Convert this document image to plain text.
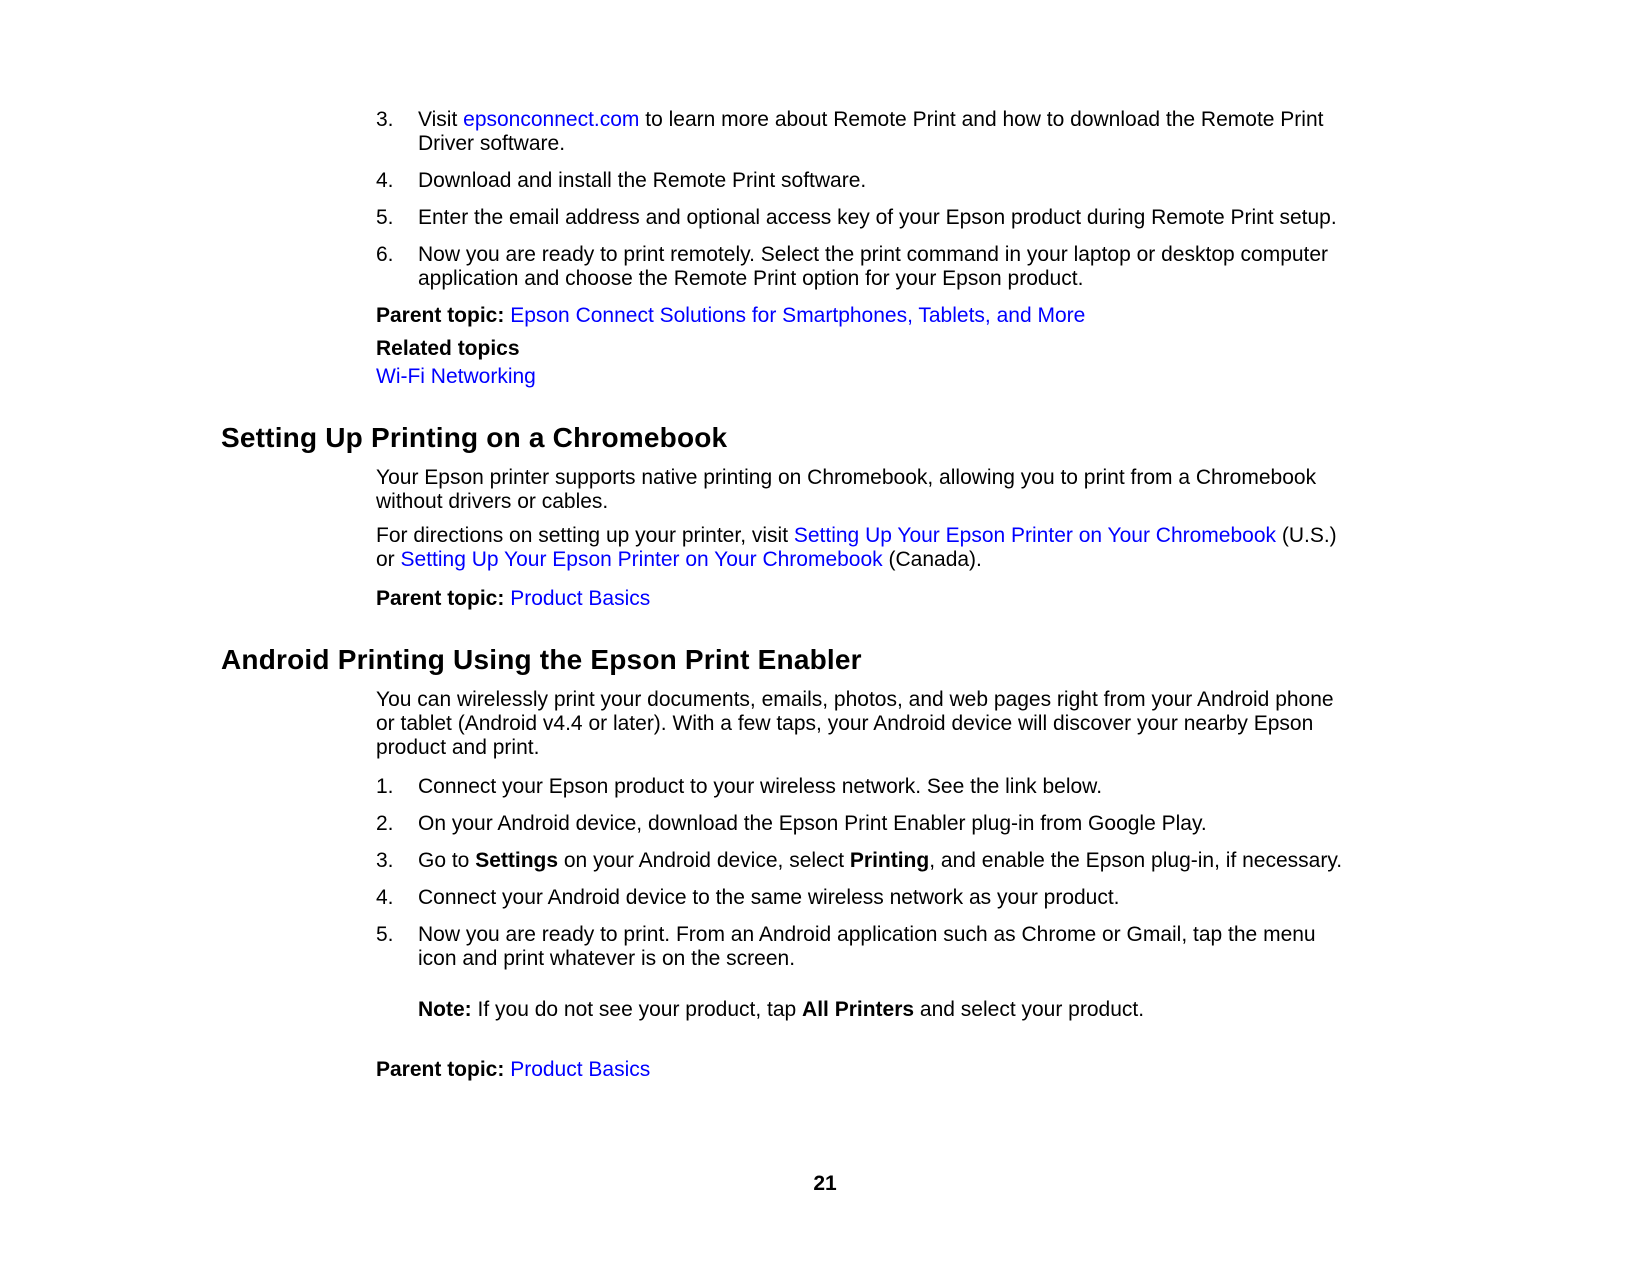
3.	Visit epsonconnect.com to learn more about Remote Print and how to download the Remote Print
Driver software.
4.	Download and install the Remote Print software.
5.	Enter the email address and optional access key of your Epson product during Remote Print setup.
6.	Now you are ready to print remotely. Select the print command in your laptop or desktop computer
application and choose the Remote Print option for your Epson product.
Parent topic: Epson Connect Solutions for Smartphones, Tablets, and More
Related topics
Wi-Fi Networking
Setting Up Printing on a Chromebook
Your Epson printer supports native printing on Chromebook, allowing you to print from a Chromebook
without drivers or cables.
For directions on setting up your printer, visit Setting Up Your Epson Printer on Your Chromebook (U.S.)
or Setting Up Your Epson Printer on Your Chromebook (Canada).
Parent topic: Product Basics
Android Printing Using the Epson Print Enabler
You can wirelessly print your documents, emails, photos, and web pages right from your Android phone
or tablet (Android v4.4 or later). With a few taps, your Android device will discover your nearby Epson
product and print.
1.	Connect your Epson product to your wireless network. See the link below.
2.	On your Android device, download the Epson Print Enabler plug-in from Google Play.
3.	Go to Settings on your Android device, select Printing, and enable the Epson plug-in, if necessary.
4.	Connect your Android device to the same wireless network as your product.
5.	Now you are ready to print. From an Android application such as Chrome or Gmail, tap the menu
icon and print whatever is on the screen.
Note: If you do not see your product, tap All Printers and select your product.
Parent topic: Product Basics
21
